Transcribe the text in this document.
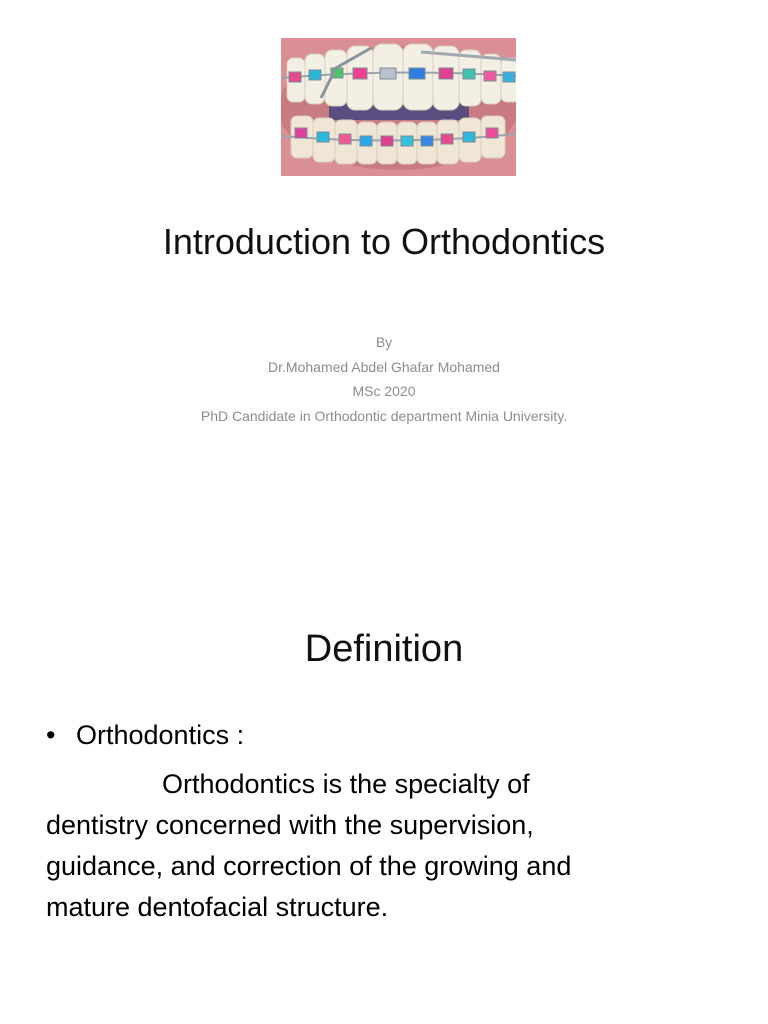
Introduction to Orthodontics
By
Dr.Mohamed Abdel Ghafar Mohamed
MSc 2020
PhD Candidate in Orthodontic department Minia University.
Definition
• Orthodontics :
Orthodontics is the specialty of
dentistry concerned with the supervision,
guidance, and correction of the growing and
mature dentofacial structure.
